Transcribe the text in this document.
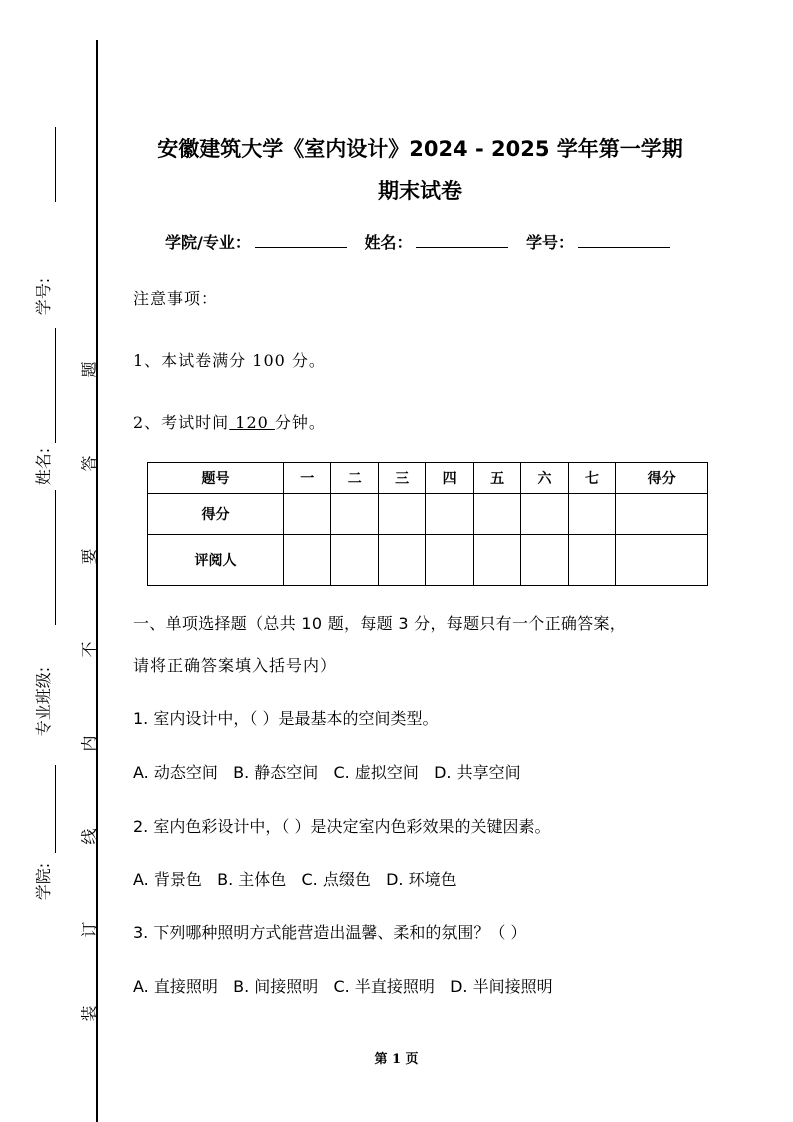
学号:
姓名:
专业班级:
学院:
题
答
要
不
内
线
订
装
安徽建筑大学《室内设计》2024 - 2025 学年第一学期
期末试卷
学院/专业：	姓名：	学号：
注意事项：
1、本试卷满分 100 分。
2、考试时间 120 分钟。
题号	一	二	三	四	五	六	七	得分
得分								
评阅人								
一、单项选择题（总共 10 题，每题 3 分，每题只有一个正确答案，
请将正确答案填入括号内）
1. 室内设计中，（ ）是最基本的空间类型。
A. 动态空间   B. 静态空间   C. 虚拟空间   D. 共享空间
2. 室内色彩设计中，（ ）是决定室内色彩效果的关键因素。
A. 背景色   B. 主体色   C. 点缀色   D. 环境色
3. 下列哪种照明方式能营造出温馨、柔和的氛围？（ ）
A. 直接照明   B. 间接照明   C. 半直接照明   D. 半间接照明
第 1 页
